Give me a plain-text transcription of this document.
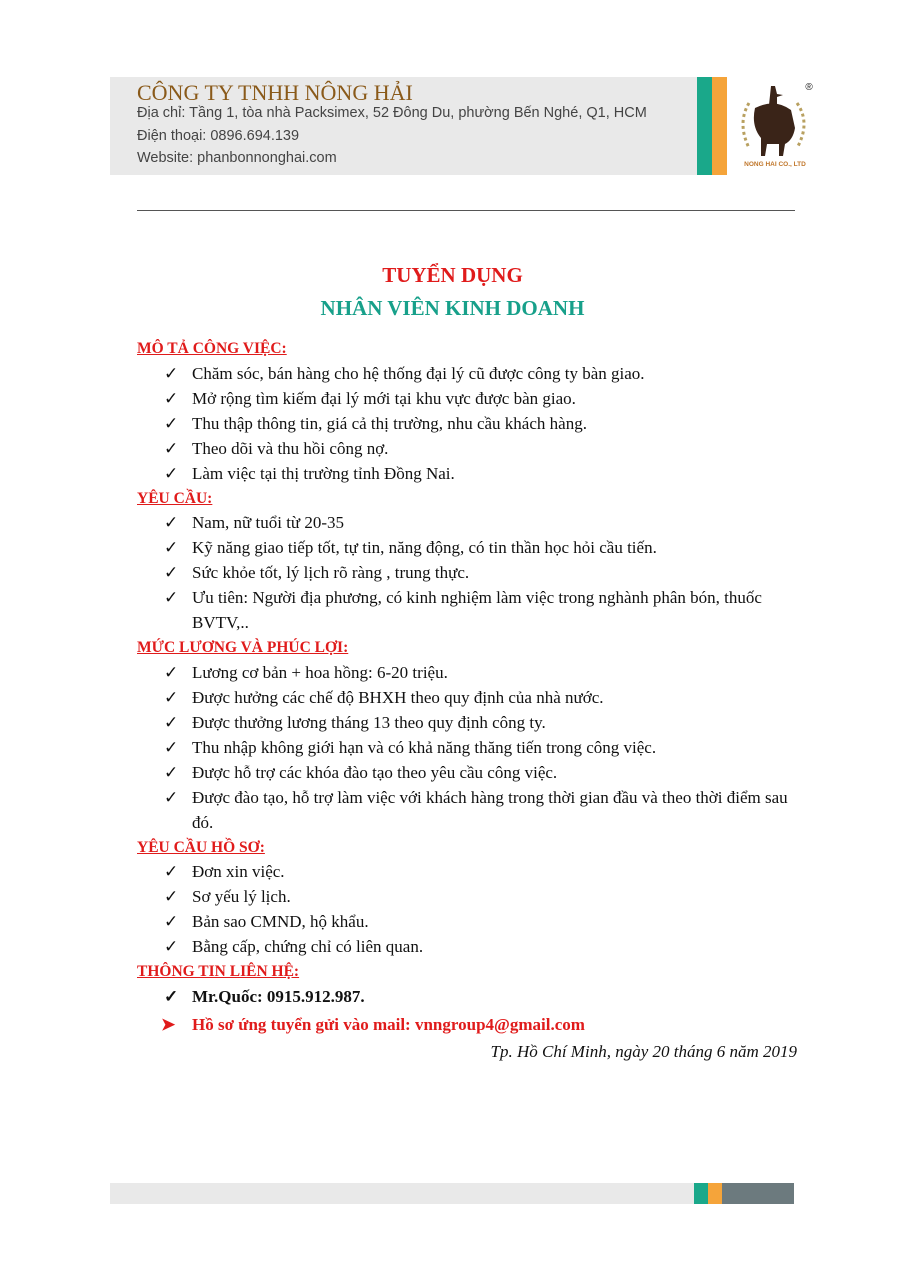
CÔNG TY TNHH NÔNG HẢI
Địa chỉ: Tầng 1, tòa nhà Packsimex, 52 Đông Du, phường Bến Nghé, Q1, HCM
Điện thoại: 0896.694.139
Website: phanbonnonghai.com	NONG HAI CO., LTD
®
TUYỂN DỤNG
NHÂN VIÊN KINH DOANH
MÔ TẢ CÔNG VIỆC:
✓ Chăm sóc, bán hàng cho hệ thống đại lý cũ được công ty bàn giao.
✓ Mở rộng tìm kiếm đại lý mới tại khu vực được bàn giao.
✓ Thu thập thông tin, giá cả thị trường, nhu cầu khách hàng.
✓ Theo dõi và thu hồi công nợ.
✓ Làm việc tại thị trường tỉnh Đồng Nai.
YÊU CẦU:
✓ Nam, nữ tuổi từ 20-35
✓ Kỹ năng giao tiếp tốt, tự tin, năng động, có tin thần học hỏi cầu tiến.
✓ Sức khỏe tốt, lý lịch rõ ràng , trung thực.
✓ Ưu tiên: Người địa phương, có kinh nghiệm làm việc trong nghành phân bón, thuốc BVTV,..
MỨC LƯƠNG VÀ PHÚC LỢI:
✓ Lương cơ bản + hoa hồng: 6-20 triệu.
✓ Được hưởng các chế độ BHXH theo quy định của nhà nước.
✓ Được thưởng lương tháng 13 theo quy định công ty.
✓ Thu nhập không giới hạn và có khả năng thăng tiến trong công việc.
✓ Được hỗ trợ các khóa đào tạo theo yêu cầu công việc.
✓ Được đào tạo, hỗ trợ làm việc với khách hàng trong thời gian đầu và theo thời điểm sau đó.
YÊU CẦU HỒ SƠ:
✓ Đơn xin việc.
✓ Sơ yếu lý lịch.
✓ Bản sao CMND, hộ khẩu.
✓ Bằng cấp, chứng chỉ có liên quan.
THÔNG TIN LIÊN HỆ:
✓ Mr.Quốc: 0915.912.987.
➤ Hồ sơ ứng tuyển gửi vào mail: vnngroup4@gmail.com
Tp. Hồ Chí Minh, ngày 20 tháng 6 năm 2019
